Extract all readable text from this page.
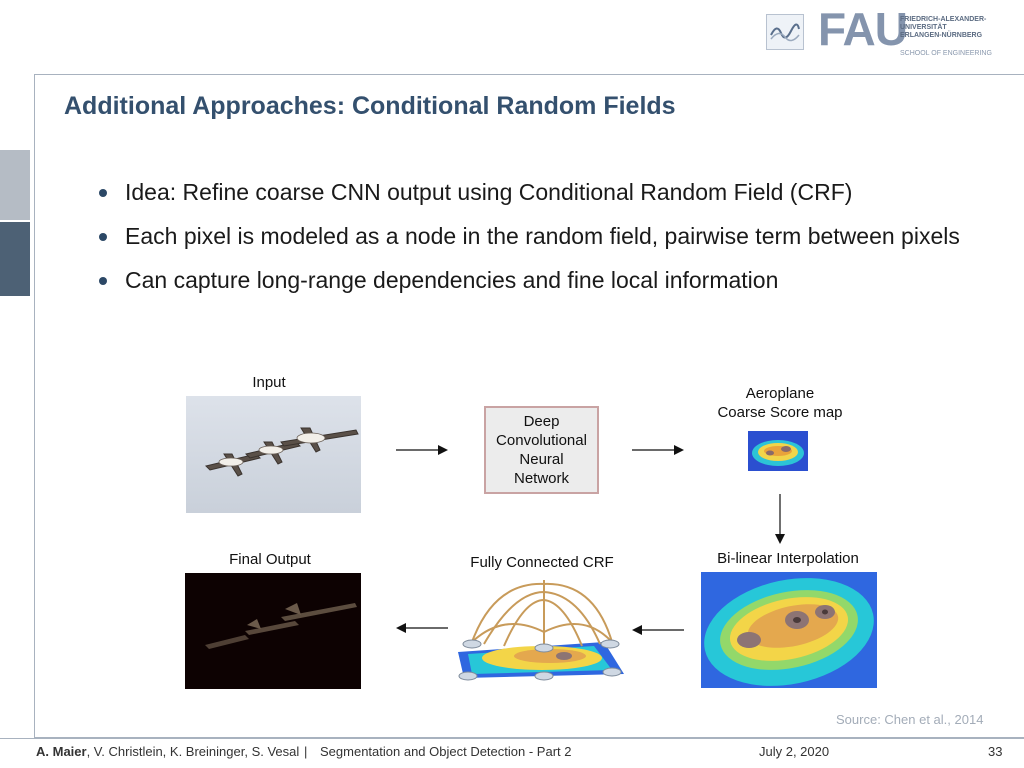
FAU
FRIEDRICH-ALEXANDER-
UNIVERSITÄT
ERLANGEN-NÜRNBERG
SCHOOL OF ENGINEERING
Additional Approaches: Conditional Random Fields
Idea: Refine coarse CNN output using Conditional Random Field (CRF)
Each pixel is modeled as a node in the random field, pairwise term between pixels
Can capture long-range dependencies and fine local information
Input
Deep
Convolutional
Neural
Network
Aeroplane
Coarse Score map
Bi-linear Interpolation
Fully Connected CRF
Final Output
Source: Chen et al., 2014
A. Maier, V. Christlein, K. Breininger, S. Vesal | Segmentation and Object Detection - Part 2	July 2, 2020	33
